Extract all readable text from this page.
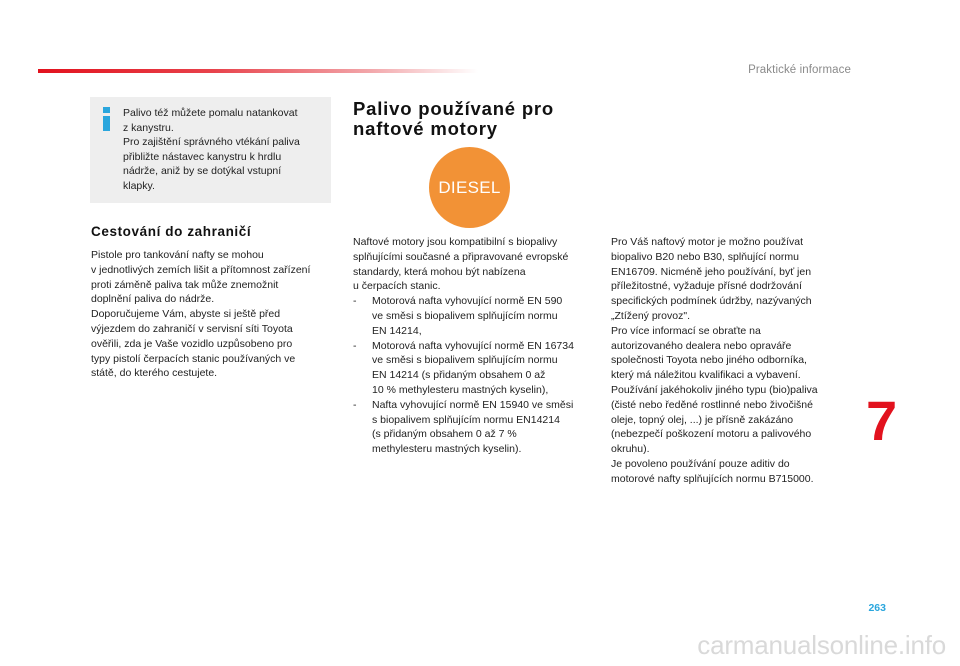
Praktické informace

Palivo též můžete pomalu natankovat

z kanystru.

Pro zajištění správného vtékání paliva

přibližte nástavec kanystru k hrdlu

nádrže, aniž by se dotýkal vstupní

klapky.

Cestování do zahraničí

Pistole pro tankování nafty se mohou

v jednotlivých zemích lišit a přítomnost zařízení

proti záměně paliva tak může znemožnit

doplnění paliva do nádrže.

Doporučujeme Vám, abyste si ještě před

výjezdem do zahraničí v servisní síti Toyota

ověřili, zda je Vaše vozidlo uzpůsobeno pro

typy pistolí čerpacích stanic používaných ve

státě, do kterého cestujete.

Palivo používané pro
naftové motory
DIESEL

Naftové motory jsou kompatibilní s biopalivy

splňujícími současné a připravované evropské

standardy, která mohou být nabízena

u čerpacích stanic.

- Motorová nafta vyhovující normě EN 590
ve směsi s biopalivem splňujícím normu
EN 14214,
- Motorová nafta vyhovující normě EN 16734
ve směsi s biopalivem splňujícím normu
EN 14214 (s přidaným obsahem 0 až
10 % methylesteru mastných kyselin),
- Nafta vyhovující normě EN 15940 ve směsi
s biopalivem splňujícím normu EN14214
(s přidaným obsahem 0 až 7 %
methylesteru mastných kyselin).

Pro Váš naftový motor je možno používat

biopalivo B20 nebo B30, splňující normu

EN16709. Nicméně jeho používání, byť jen

příležitostné, vyžaduje přísné dodržování

specifických podmínek údržby, nazývaných

„Ztížený provoz".

Pro více informací se obraťte na

autorizovaného dealera nebo opraváře

společnosti Toyota nebo jiného odborníka,

který má náležitou kvalifikaci a vybavení.

Používání jakéhokoliv jiného typu (bio)paliva

(čisté nebo ředěné rostlinné nebo živočišné

oleje, topný olej, ...) je přísně zakázáno

(nebezpečí poškození motoru a palivového

okruhu).

Je povoleno používání pouze aditiv do

motorové nafty splňujících normu B715000.

7
263
carmanualsonline.info
